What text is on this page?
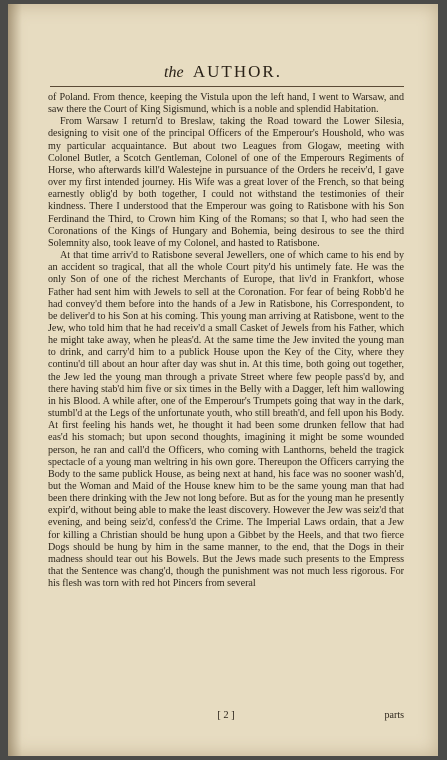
the AUTHOR.

of Poland. From thence, keeping the Vistula upon the left hand, I went to Warsaw, and saw there the Court of King Sigismund, which is a noble and splendid Habitation.

From Warsaw I return'd to Breslaw, taking the Road toward the Lower Silesia, designing to visit one of the principal Officers of the Emperour's Houshold, who was my particular acquaintance. But about two Leagues from Glogaw, meeting with Colonel Butler, a Scotch Gentleman, Colonel of one of the Emperours Regiments of Horse, who afterwards kill'd Walestejne in pursuance of the Orders he receiv'd, I gave over my first intended journey. His Wife was a great lover of the French, so that being earnestly oblig'd by both together, I could not withstand the testimonies of their kindness. There I understood that the Emperour was going to Ratisbone with his Son Ferdinand the Third, to Crown him King of the Romans; so that I, who had seen the Coronations of the Kings of Hungary and Bohemia, being desirous to see the third Solemnity also, took leave of my Colonel, and hasted to Ratisbone.

At that time arriv'd to Ratisbone several Jewellers, one of which came to his end by an accident so tragical, that all the whole Court pity'd his untimely fate. He was the only Son of one of the richest Merchants of Europe, that liv'd in Frankfort, whose Father had sent him with Jewels to sell at the Coronation. For fear of being Robb'd he had convey'd them before into the hands of a Jew in Ratisbone, his Correspondent, to be deliver'd to his Son at his coming. This young man arriving at Ratisbone, went to the Jew, who told him that he had receiv'd a small Casket of Jewels from his Father, which he might take away, when he pleas'd. At the same time the Jew invited the young man to drink, and carry'd him to a publick House upon the Key of the City, where they continu'd till about an hour after day was shut in. At this time, both going out together, the Jew led the young man through a private Street where few people pass'd by, and there having stab'd him five or six times in the Belly with a Dagger, left him wallowing in his Blood. A while after, one of the Emperour's Trumpets going that way in the dark, stumbl'd at the Legs of the unfortunate youth, who still breath'd, and fell upon his Body. At first feeling his hands wet, he thought it had been some drunken fellow that had eas'd his stomach; but upon second thoughts, imagining it might be some wounded person, he ran and call'd the Officers, who coming with Lanthorns, beheld the tragick spectacle of a young man weltring in his own gore. Thereupon the Officers carrying the Body to the same publick House, as being next at hand, his face was no sooner wash'd, but the Woman and Maid of the House knew him to be the same young man that had been there drinking with the Jew not long before. But as for the young man he presently expir'd, without being able to make the least discovery. However the Jew was seiz'd that evening, and being seiz'd, confess'd the Crime. The Imperial Laws ordain, that a Jew for killing a Christian should be hung upon a Gibbet by the Heels, and that two fierce Dogs should be hung by him in the same manner, to the end, that the Dogs in their madness should tear out his Bowels. But the Jews made such presents to the Empress that the Sentence was chang'd, though the punishment was not much less rigorous. For his flesh was torn with red hot Pincers from several

[ 2 ]	parts
